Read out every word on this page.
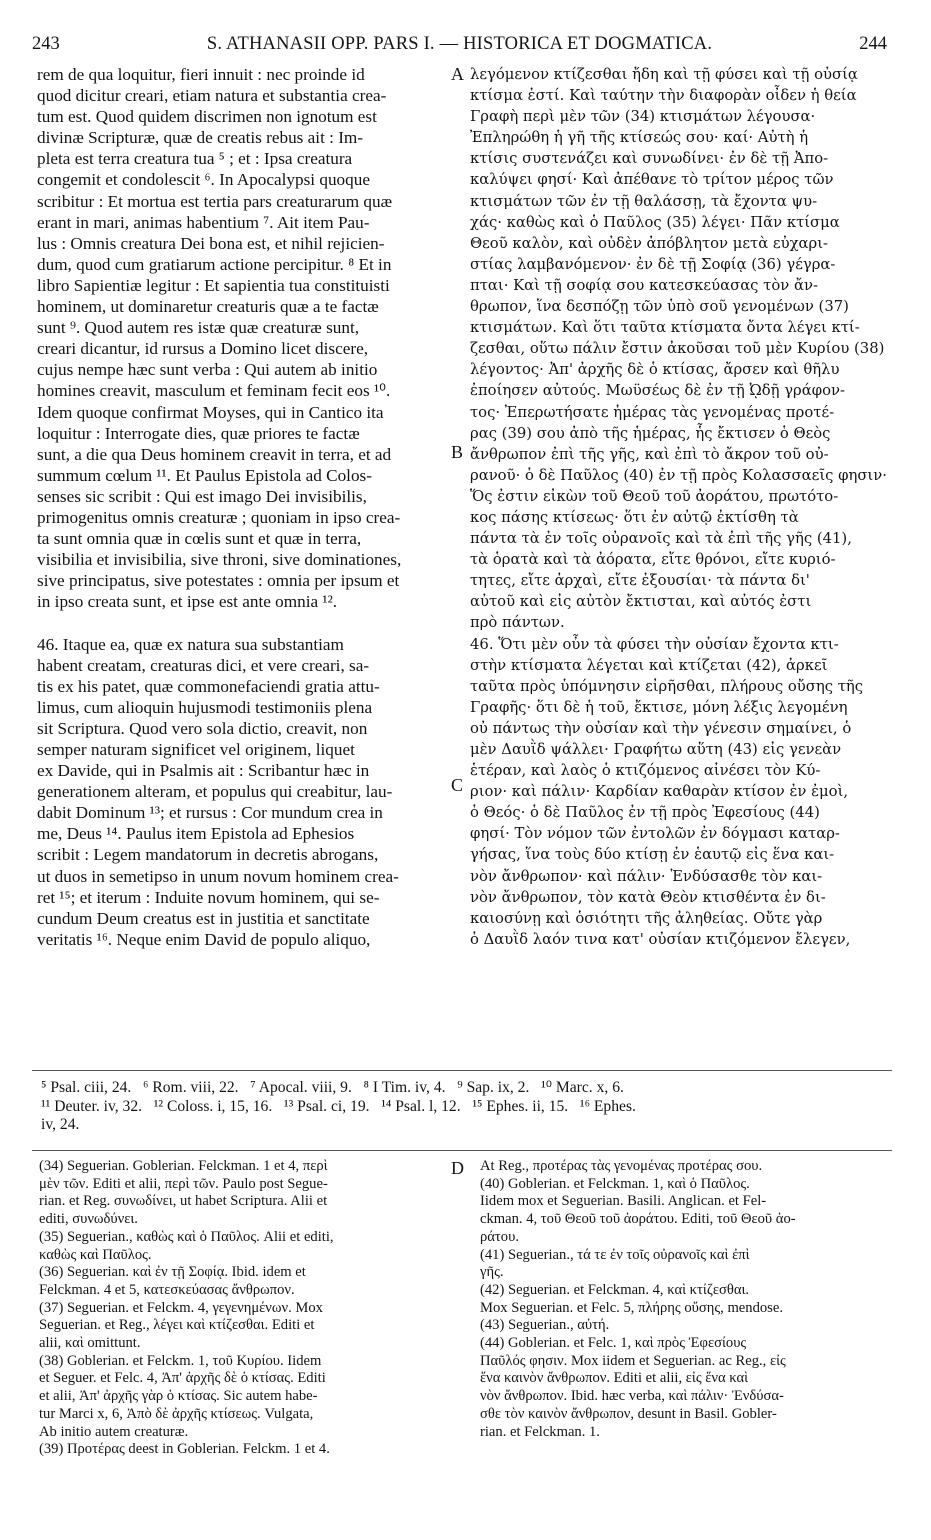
243	S. ATHANASII OPP. PARS I. — HISTORICA ET DOGMATICA.	244
rem de qua loquitur, fieri innuit : nec proinde id
quod dicitur creari, etiam natura et substantia crea-
tum est. Quod quidem discrimen non ignotum est
divinæ Scripturæ, quæ de creatis rebus ait : Im-
pleta est terra creatura tua ⁵ ; et : Ipsa creatura
congemit et condolescit ⁶. In Apocalypsi quoque
scribitur : Et mortua est tertia pars creaturarum quæ
erant in mari, animas habentium ⁷. Ait item Pau-
lus : Omnis creatura Dei bona est, et nihil rejicien-
dum, quod cum gratiarum actione percipitur. ⁸ Et in
libro Sapientiæ legitur : Et sapientia tua constituisti
hominem, ut dominaretur creaturis quæ a te factæ
sunt ⁹. Quod autem res istæ quæ creaturæ sunt,
creari dicantur, id rursus a Domino licet discere,
cujus nempe hæc sunt verba : Qui autem ab initio
homines creavit, masculum et feminam fecit eos ¹⁰.
Idem quoque confirmat Moyses, qui in Cantico ita
loquitur : Interrogate dies, quæ priores te factæ
sunt, a die qua Deus hominem creavit in terra, et ad
summum cœlum ¹¹. Et Paulus Epistola ad Colos-
senses sic scribit : Qui est imago Dei invisibilis,
primogenitus omnis creaturæ ; quoniam in ipso crea-
ta sunt omnia quæ in cœlis sunt et quæ in terra,
visibilia et invisibilia, sive throni, sive dominationes,
sive principatus, sive potestates : omnia per ipsum et
in ipso creata sunt, et ipse est ante omnia ¹².
46. Itaque ea, quæ ex natura sua substantiam
habent creatam, creaturas dici, et vere creari, sa-
tis ex his patet, quæ commonefaciendi gratia attu-
limus, cum alioquin hujusmodi testimoniis plena
sit Scriptura. Quod vero sola dictio, creavit, non
semper naturam significet vel originem, liquet
ex Davide, qui in Psalmis ait : Scribantur hæc in
generationem alteram, et populus qui creabitur, lau-
dabit Dominum ¹³; et rursus : Cor mundum crea in
me, Deus ¹⁴. Paulus item Epistola ad Ephesios
scribit : Legem mandatorum in decretis abrogans,
ut duos in semetipso in unum novum hominem crea-
ret ¹⁵; et iterum : Induite novum hominem, qui se-
cundum Deum creatus est in justitia et sanctitate
veritatis ¹⁶. Neque enim David de populo aliquo,
λεγόμενον κτίζεσθαι ἤδη καὶ τῇ φύσει καὶ τῇ οὐσίᾳ
κτίσμα ἐστί. Καὶ ταύτην τὴν διαφορὰν οἶδεν ἡ θεία
Γραφὴ περὶ μὲν τῶν (34) κτισμάτων λέγουσα·
Ἐπληρώθη ἡ γῆ τῆς κτίσεώς σου· καί· Αὐτὴ ἡ
κτίσις συστενάζει καὶ συνωδίνει· ἐν δὲ τῇ Ἀπο-
καλύψει φησί· Καὶ ἀπέθανε τὸ τρίτον μέρος τῶν
κτισμάτων τῶν ἐν τῇ θαλάσσῃ, τὰ ἔχοντα ψυ-
χάς· καθὼς καὶ ὁ Παῦλος (35) λέγει· Πᾶν κτίσμα
Θεοῦ καλὸν, καὶ οὐδὲν ἀπόβλητον μετὰ εὐχαρι-
στίας λαμβανόμενον· ἐν δὲ τῇ Σοφίᾳ (36) γέγρα-
πται· Καὶ τῇ σοφίᾳ σου κατεσκεύασας τὸν ἄν-
θρωπον, ἵνα δεσπόζῃ τῶν ὑπὸ σοῦ γενομένων (37)
κτισμάτων. Καὶ ὅτι ταῦτα κτίσματα ὄντα λέγει κτί-
ζεσθαι, οὕτω πάλιν ἔστιν ἀκοῦσαι τοῦ μὲν Κυρίου (38)
λέγοντος· Ἀπ' ἀρχῆς δὲ ὁ κτίσας, ἄρσεν καὶ θῆλυ
ἐποίησεν αὐτούς. Μωϋσέως δὲ ἐν τῇ ᾨδῇ γράφον-
τος· Ἐπερωτήσατε ἡμέρας τὰς γενομένας προτέ-
ρας (39) σου ἀπὸ τῆς ἡμέρας, ἧς ἔκτισεν ὁ Θεὸς
ἄνθρωπον ἐπὶ τῆς γῆς, καὶ ἐπὶ τὸ ἄκρον τοῦ οὐ-
ρανοῦ· ὁ δὲ Παῦλος (40) ἐν τῇ πρὸς Κολασσαεῖς φησιν·
Ὅς ἐστιν εἰκὼν τοῦ Θεοῦ τοῦ ἀοράτου, πρωτότο-
κος πάσης κτίσεως· ὅτι ἐν αὐτῷ ἐκτίσθη τὰ
πάντα τὰ ἐν τοῖς οὐρανοῖς καὶ τὰ ἐπὶ τῆς γῆς (41),
τὰ ὁρατὰ καὶ τὰ ἀόρατα, εἴτε θρόνοι, εἴτε κυριό-
τητες, εἴτε ἀρχαὶ, εἴτε ἐξουσίαι· τὰ πάντα δι'
αὐτοῦ καὶ εἰς αὐτὸν ἔκτισται, καὶ αὐτός ἐστι
πρὸ πάντων.
46. Ὅτι μὲν οὖν τὰ φύσει τὴν οὐσίαν ἔχοντα κτι-
στὴν κτίσματα λέγεται καὶ κτίζεται (42), ἀρκεῖ
ταῦτα πρὸς ὑπόμνησιν εἰρῆσθαι, πλήρους οὔσης τῆς
Γραφῆς· ὅτι δὲ ἡ τοῦ, ἔκτισε, μόνη λέξις λεγομένη
οὐ πάντως τὴν οὐσίαν καὶ τὴν γένεσιν σημαίνει, ὁ
μὲν Δαυῒδ ψάλλει· Γραφήτω αὕτη (43) εἰς γενεὰν
ἑτέραν, καὶ λαὸς ὁ κτιζόμενος αἰνέσει τὸν Κύ-
ριον· καὶ πάλιν· Καρδίαν καθαρὰν κτίσον ἐν ἐμοὶ,
ὁ Θεός· ὁ δὲ Παῦλος ἐν τῇ πρὸς Ἐφεσίους (44)
φησί· Τὸν νόμον τῶν ἐντολῶν ἐν δόγμασι καταρ-
γήσας, ἵνα τοὺς δύο κτίσῃ ἐν ἑαυτῷ εἰς ἕνα και-
νὸν ἄνθρωπον· καὶ πάλιν· Ἐνδύσασθε τὸν και-
νὸν ἄνθρωπον, τὸν κατὰ Θεὸν κτισθέντα ἐν δι-
καιοσύνῃ καὶ ὁσιότητι τῆς ἀληθείας. Οὔτε γὰρ
ὁ Δαυῒδ λαόν τινα κατ' οὐσίαν κτιζόμενον ἔλεγεν,
A
B
C
D
⁵ Psal. ciii, 24.   ⁶ Rom. viii, 22.   ⁷ Apocal. viii, 9.   ⁸ I Tim. iv, 4.   ⁹ Sap. ix, 2.   ¹⁰ Marc. x, 6.
¹¹ Deuter. iv, 32.   ¹² Coloss. i, 15, 16.   ¹³ Psal. ci, 19.   ¹⁴ Psal. l, 12.   ¹⁵ Ephes. ii, 15.   ¹⁶ Ephes.
iv, 24.
(34) Seguerian. Goblerian. Felckman. 1 et 4, περὶ
μὲν τῶν. Editi et alii, περὶ τῶν. Paulo post Segue-
rian. et Reg. συνωδίνει, ut habet Scriptura. Alii et
editi, συνωδύνει.
(35) Seguerian., καθὼς καὶ ὁ Παῦλος. Alii et editi,
καθὼς καὶ Παῦλος.
(36) Seguerian. καὶ ἐν τῇ Σοφίᾳ. Ibid. idem et
Felckman. 4 et 5, κατεσκεύασας ἄνθρωπον.
(37) Seguerian. et Felckm. 4, γεγενημένων. Mox
Seguerian. et Reg., λέγει καὶ κτίζεσθαι. Editi et
alii, καὶ omittunt.
(38) Goblerian. et Felckm. 1, τοῦ Κυρίου. Iidem
et Seguer. et Felc. 4, Ἀπ' ἀρχῆς δὲ ὁ κτίσας. Editi
et alii, Ἀπ' ἀρχῆς γὰρ ὁ κτίσας. Sic autem habe-
tur Marci x, 6, Ἀπὸ δὲ ἀρχῆς κτίσεως. Vulgata,
Ab initio autem creaturæ.
(39) Προτέρας deest in Goblerian. Felckm. 1 et 4.
At Reg., προτέρας τὰς γενομένας προτέρας σου.
(40) Goblerian. et Felckman. 1, καὶ ὁ Παῦλος.
Iidem mox et Seguerian. Basili. Anglican. et Fel-
ckman. 4, τοῦ Θεοῦ τοῦ ἀοράτου. Editi, τοῦ Θεοῦ ἀο-
ράτου.
(41) Seguerian., τά τε ἐν τοῖς οὐρανοῖς καὶ ἐπὶ
γῆς.
(42) Seguerian. et Felckman. 4, καὶ κτίζεσθαι.
Mox Seguerian. et Felc. 5, πλήρης οὔσης, mendose.
(43) Seguerian., αὐτή.
(44) Goblerian. et Felc. 1, καὶ πρὸς Ἐφεσίους
Παῦλός φησιν. Mox iidem et Seguerian. ac Reg., εἰς
ἕνα καινὸν ἄνθρωπον. Editi et alii, εἰς ἕνα καὶ
νὸν ἄνθρωπον. Ibid. hæc verba, καὶ πάλιν· Ἐνδύσα-
σθε τὸν καινὸν ἄνθρωπον, desunt in Basil. Gobler-
rian. et Felckman. 1.
